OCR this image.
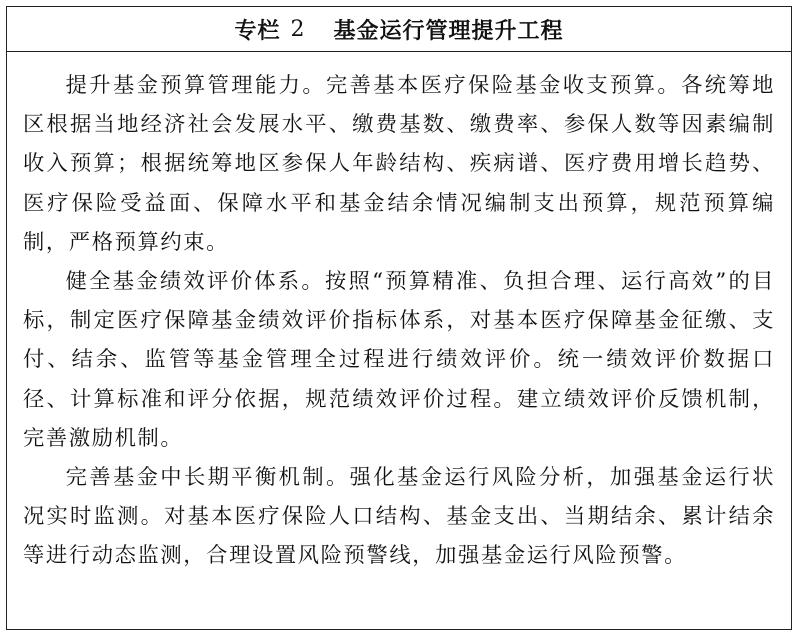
专栏 2 基金运行管理提升工程

提升基金预算管理能力。完善基本医疗保险基金收支预算。各统筹地区根据当地经济社会发展水平、缴费基数、缴费率、参保人数等因素编制收入预算；根据统筹地区参保人年龄结构、疾病谱、医疗费用增长趋势、医疗保险受益面、保障水平和基金结余情况编制支出预算，规范预算编制，严格预算约束。

健全基金绩效评价体系。按照“预算精准、负担合理、运行高效”的目标，制定医疗保障基金绩效评价指标体系，对基本医疗保障基金征缴、支付、结余、监管等基金管理全过程进行绩效评价。统一绩效评价数据口径、计算标准和评分依据，规范绩效评价过程。建立绩效评价反馈机制，完善激励机制。

完善基金中长期平衡机制。强化基金运行风险分析，加强基金运行状况实时监测。对基本医疗保险人口结构、基金支出、当期结余、累计结余等进行动态监测，合理设置风险预警线，加强基金运行风险预警。
